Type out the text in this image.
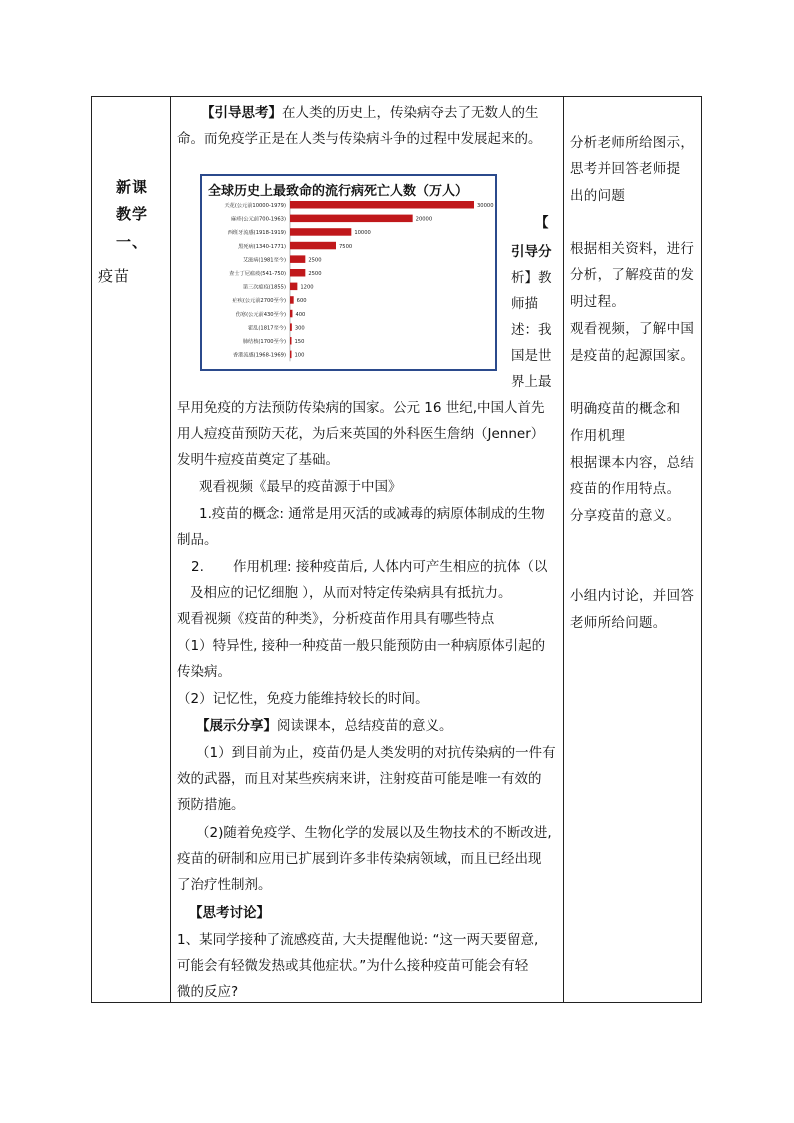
新课
教学
一、
疫苗
【引导思考】在人类的历史上，传染病夺去了无数人的生
命。而免疫学正是在人类与传染病斗争的过程中发展起来的。
全球历史上最致命的流行病死亡人数（万人）
天花(公元前10000-1979)	30000
麻疹(公元前700-1963)	20000
西班牙流感(1918-1919)	10000
黑死病(1340-1771)	7500
艾滋病(1981至今)	2500
查士丁尼瘟疫(541-750)	2500
第三次瘟疫(1855)	1200
疟疾(公元前2700至今) 600
伤寒(公元前430至今) 400
霍乱(1817至今) 300
肺结核(1700至今) 150
香港流感(1968-1969) 100
【
引导分
析】教
师描
述：我
国是世
界上最
早用免疫的方法预防传染病的国家。公元 16 世纪,中国人首先
用人痘疫苗预防天花，为后来英国的外科医生詹纳（Jenner）
发明牛痘疫苗奠定了基础。
观看视频《最早的疫苗源于中国》
1.疫苗的概念: 通常是用灭活的或减毒的病原体制成的生物
制品。
2. 作用机理: 接种疫苗后, 人体内可产生相应的抗体（以
及相应的记忆细胞 ），从而对特定传染病具有抵抗力。
观看视频《疫苗的种类》，分析疫苗作用具有哪些特点
（1）特异性, 接种一种疫苗一般只能预防由一种病原体引起的
传染病。
（2）记忆性，免疫力能维持较长的时间。
【展示分享】阅读课本，总结疫苗的意义。
（1）到目前为止，疫苗仍是人类发明的对抗传染病的一件有
效的武器，而且对某些疾病来讲，注射疫苗可能是唯一有效的
预防措施。
（2)随着免疫学、生物化学的发展以及生物技术的不断改进,
疫苗的研制和应用已扩展到许多非传染病领域，而且已经出现
了治疗性制剂。
【思考讨论】
1、某同学接种了流感疫苗, 大夫提醒他说: “这一两天要留意,
可能会有轻微发热或其他症状。”为什么接种疫苗可能会有轻
微的反应?
分析老师所给图示，
思考并回答老师提
出的问题
根据相关资料，进行
分析，了解疫苗的发
明过程。
观看视频，了解中国
是疫苗的起源国家。
明确疫苗的概念和
作用机理
根据课本内容，总结
疫苗的作用特点。
分享疫苗的意义。
小组内讨论，并回答
老师所给问题。
